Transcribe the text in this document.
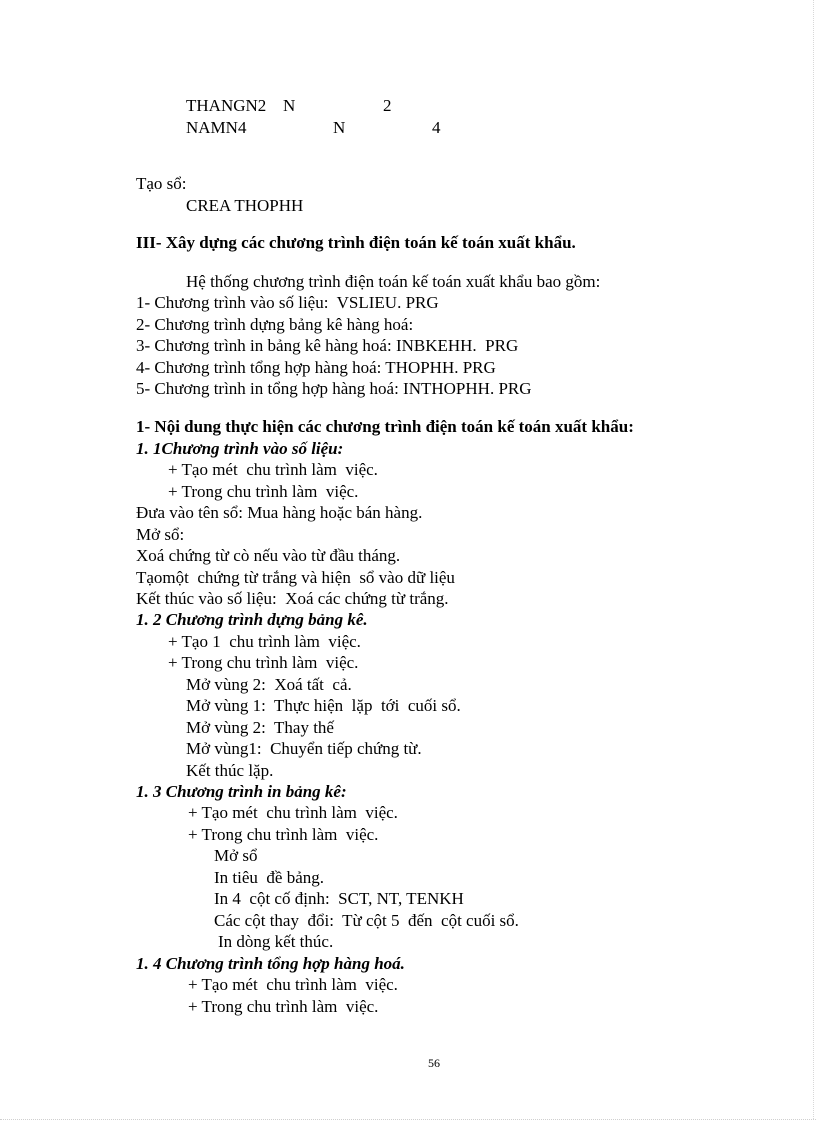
THANGN2 N	2
NAMN4	N	4
Tạo sổ:
CREA THOPHH
III- Xây dựng các chương trình điện toán kế toán xuất khẩu.
Hệ thống chương trình điện toán kế toán xuất khẩu bao gồm:
1- Chương trình vào số liệu:  VSLIEU. PRG
2- Chương trình dựng bảng kê hàng hoá:
3- Chương trình in bảng kê hàng hoá: INBKEHH.  PRG
4- Chương trình tổng hợp hàng hoá: THOPHH. PRG
5- Chương trình in tổng hợp hàng hoá: INTHOPHH. PRG
1- Nội dung thực hiện các chương trình điện toán kế toán xuất khẩu:
1. 1Chương trình vào số liệu:
+ Tạo mét  chu trình làm  việc.
+ Trong chu trình làm  việc.
Đưa vào tên sổ: Mua hàng hoặc bán hàng.
Mở sổ:
Xoá chứng từ cò nếu vào từ đầu tháng.
Tạomột  chứng từ trắng và hiện  sổ vào dữ liệu
Kết thúc vào số liệu:  Xoá các chứng từ trắng.
1. 2 Chương trình dựng bảng kê.
+ Tạo 1  chu trình làm  việc.
+ Trong chu trình làm  việc.
Mở vùng 2:  Xoá tất  cả.
Mở vùng 1:  Thực hiện  lặp  tới  cuối sổ.
Mở vùng 2:  Thay thế
Mở vùng1:  Chuyển tiếp chứng từ.
Kết thúc lặp.
1. 3 Chương trình in bảng kê:
+ Tạo mét  chu trình làm  việc.
+ Trong chu trình làm  việc.
Mở sổ
In tiêu  đề bảng.
In 4  cột cố định:  SCT, NT, TENKH
Các cột thay  đổi:  Từ cột 5  đến  cột cuối sổ.
In dòng kết thúc.
1. 4 Chương trình tổng hợp hàng hoá.
+ Tạo mét  chu trình làm  việc.
+ Trong chu trình làm  việc.
56
